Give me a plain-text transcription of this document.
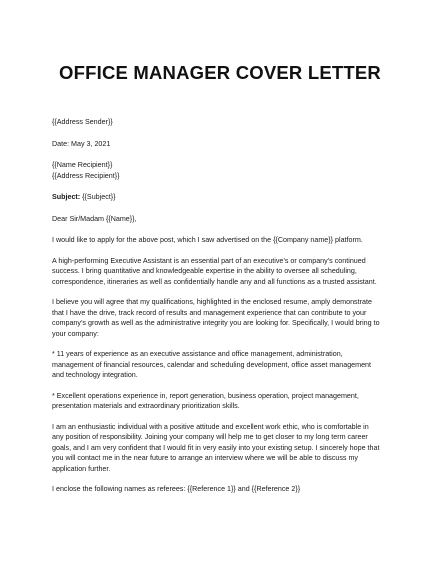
OFFICE MANAGER COVER LETTER

{{Address Sender}}

Date: May 3, 2021

{{Name Recipient}}

{{Address Recipient}}

Subject: {{Subject}}

Dear Sir/Madam {{Name}},

I would like to apply for the above post, which I saw advertised on the {{Company name}} platform.

A high-performing Executive Assistant is an essential part of an executive’s or company’s continued

success. I bring quantitative and knowledgeable expertise in the ability to oversee all scheduling,

correspondence, itineraries as well as confidentially handle any and all functions as a trusted assistant.

I believe you will agree that my qualifications, highlighted in the enclosed resume, amply demonstrate

that I have the drive, track record of results and management experience that can contribute to your

company’s growth as well as the administrative integrity you are looking for. Specifically, I would bring to

your company:

* 11 years of experience as an executive assistance and office management, administration,

management of financial resources, calendar and scheduling development, office asset management

and technology integration.

* Excellent operations experience in, report generation, business operation, project management,

presentation materials and extraordinary prioritization skills.

I am an enthusiastic individual with a positive attitude and excellent work ethic, who is comfortable in

any position of responsibility. Joining your company will help me to get closer to my long term career

goals, and I am very confident that I would fit in very easily into your existing setup. I sincerely hope that

you will contact me in the near future to arrange an interview where we will be able to discuss my

application further.

I enclose the following names as referees: {{Reference 1}} and {{Reference 2}}
